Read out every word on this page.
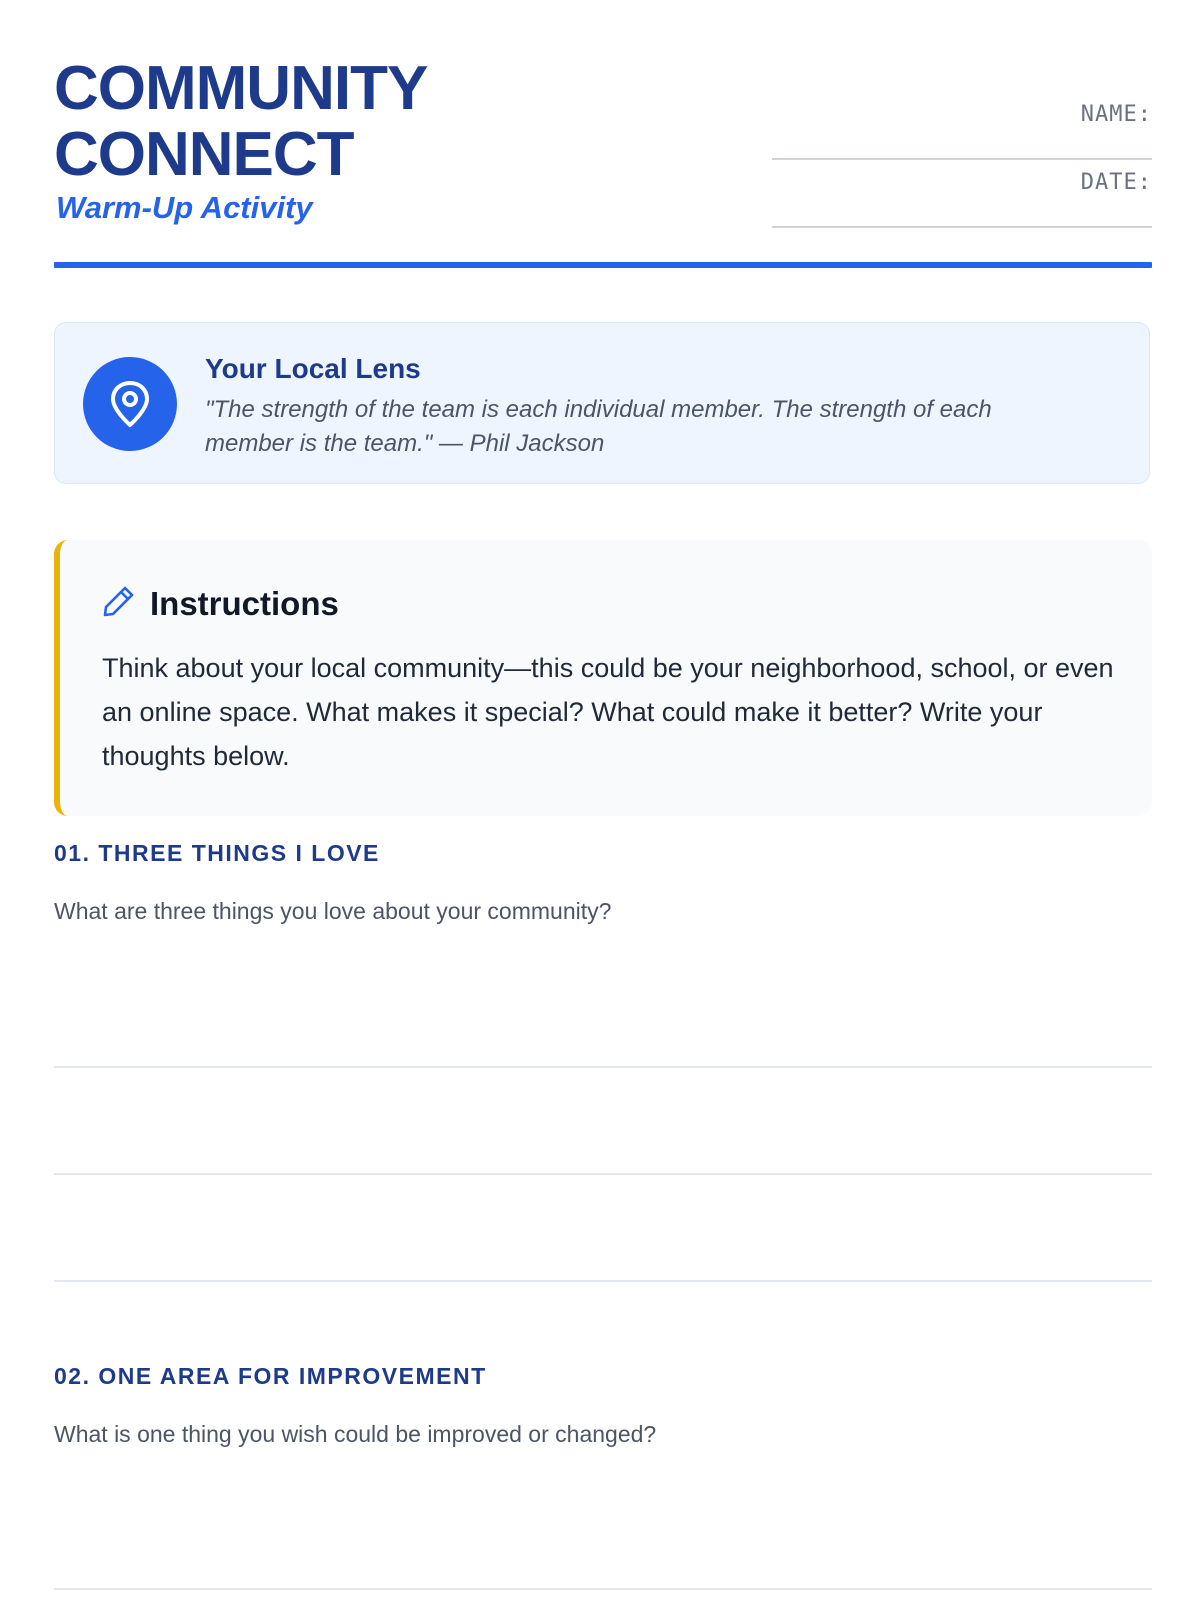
COMMUNITY
CONNECT
Warm-Up Activity
NAME:
DATE:
Your Local Lens
"The strength of the team is each individual member. The strength of each member is the team." — Phil Jackson
Instructions
Think about your local community—this could be your neighborhood, school, or even an online space. What makes it special? What could make it better? Write your thoughts below.
01. THREE THINGS I LOVE
What are three things you love about your community?
02. ONE AREA FOR IMPROVEMENT
What is one thing you wish could be improved or changed?
